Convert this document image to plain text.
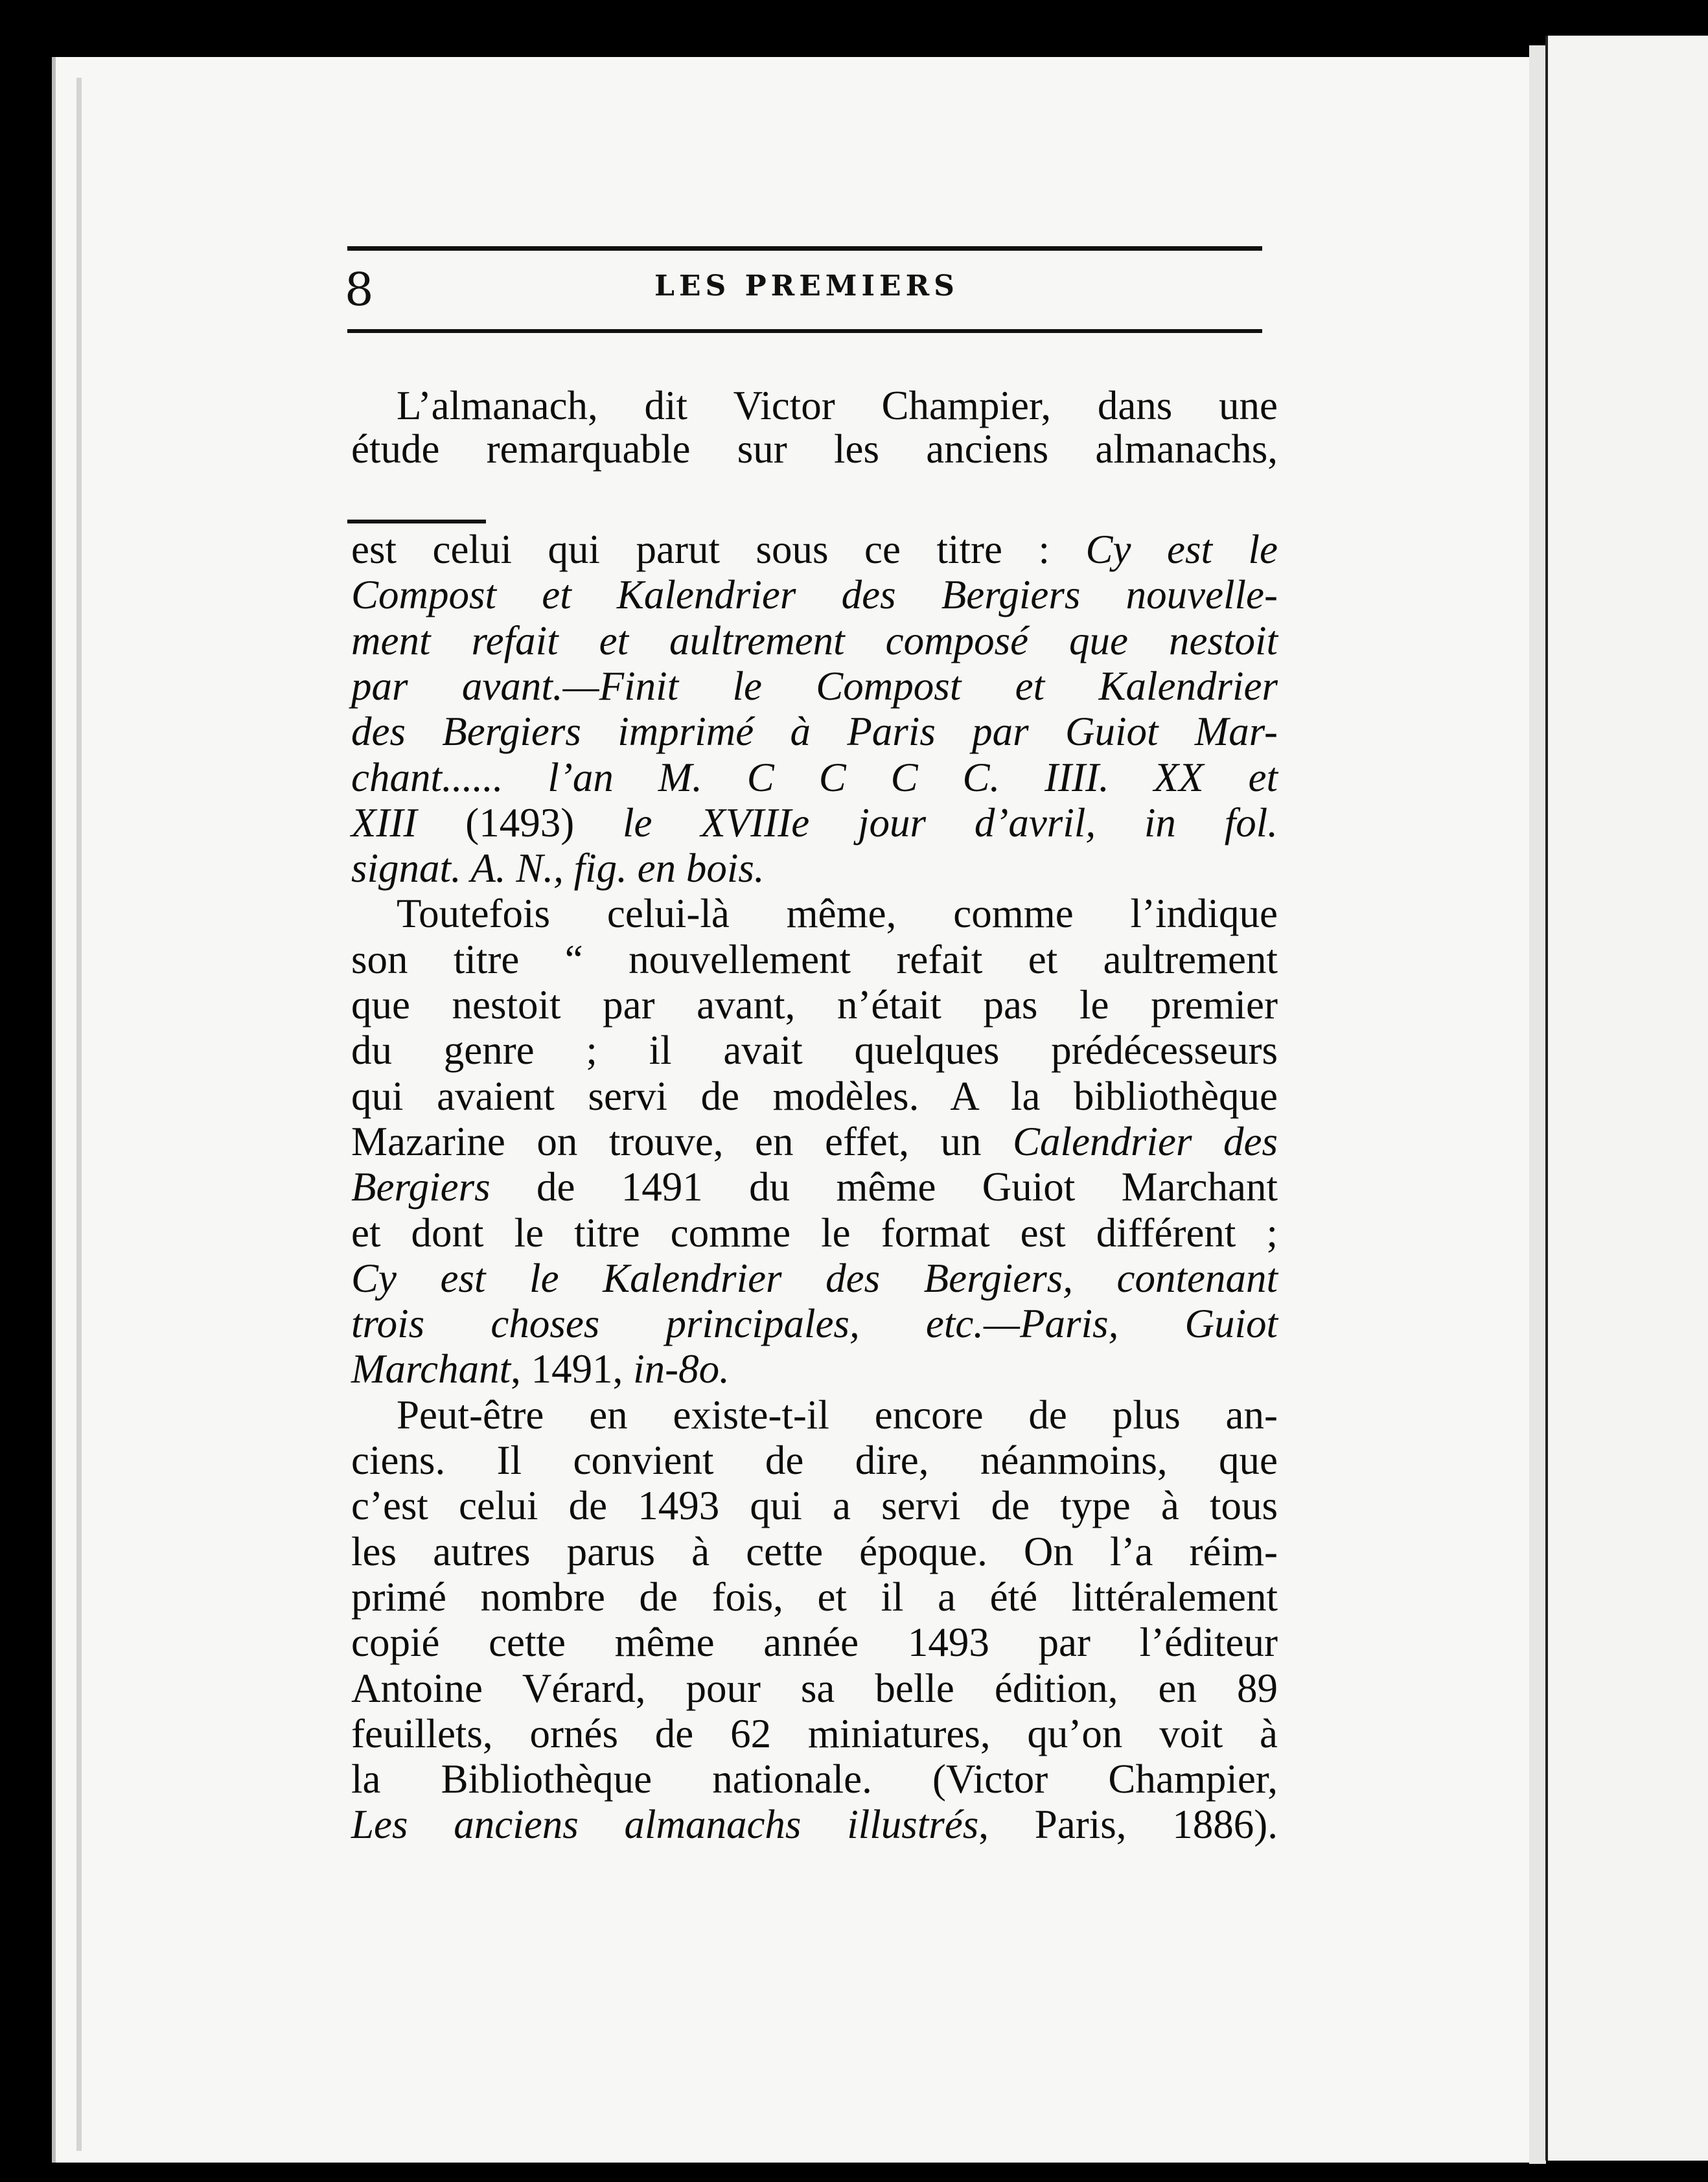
8	LES PREMIERS
L’almanach, dit Victor Champier, dans une
étude remarquable sur les anciens almanachs,
est celui qui parut sous ce titre : Cy est le
Compost et Kalendrier des Bergiers nouvelle-
ment refait et aultrement composé que nestoit
par avant.—Finit le Compost et Kalendrier
des Bergiers imprimé à Paris par Guiot Mar-
chant...... l’an M. C C C C. IIII. XX et
XIII (1493) le XVIIIe jour d’avril, in fol.
signat. A. N., fig. en bois.
Toutefois celui-là même, comme l’indique
son titre “ nouvellement refait et aultrement
que nestoit par avant, n’était pas le premier
du genre ; il avait quelques prédécesseurs
qui avaient servi de modèles. A la bibliothèque
Mazarine on trouve, en effet, un Calendrier des
Bergiers de 1491 du même Guiot Marchant
et dont le titre comme le format est différent ;
Cy est le Kalendrier des Bergiers, contenant
trois choses principales, etc.—Paris, Guiot
Marchant, 1491, in-8o.
Peut-être en existe-t-il encore de plus an-
ciens. Il convient de dire, néanmoins, que
c’est celui de 1493 qui a servi de type à tous
les autres parus à cette époque. On l’a réim-
primé nombre de fois, et il a été littéralement
copié cette même année 1493 par l’éditeur
Antoine Vérard, pour sa belle édition, en 89
feuillets, ornés de 62 miniatures, qu’on voit à
la Bibliothèque nationale. (Victor Champier,
Les anciens almanachs illustrés, Paris, 1886).
